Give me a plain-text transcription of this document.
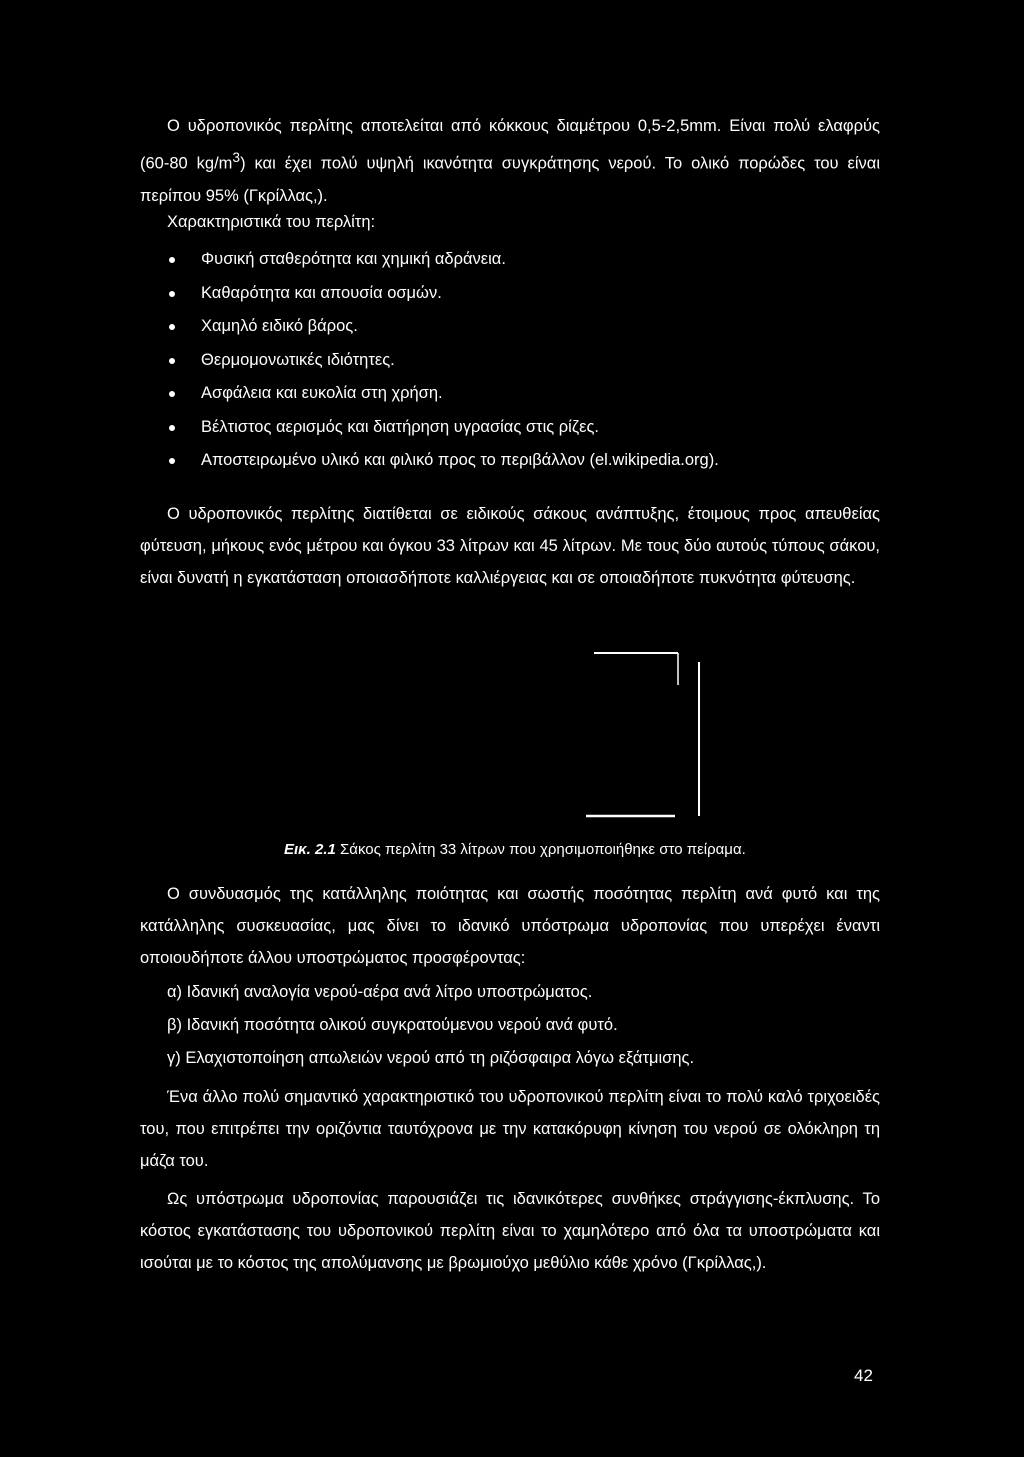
Ο υδροπονικός περλίτης αποτελείται από κόκκους διαμέτρου 0,5-2,5mm. Είναι πολύ ελαφρύς (60-80 $kg/m^3$) και έχει πολύ υψηλή ικανότητα συγκράτησης νερού. Το ολικό πορώδες του είναι περίπου 95% (Γκρίλλας,).

Χαρακτηριστικά του περλίτη:

Φυσική σταθερότητα και χημική αδράνεια.
Καθαρότητα και απουσία οσμών.
Χαμηλό ειδικό βάρος.
Θερμομονωτικές ιδιότητες.
Ασφάλεια και ευκολία στη χρήση.
Βέλτιστος αερισμός και διατήρηση υγρασίας στις ρίζες.
Αποστειρωμένο υλικό και φιλικό προς το περιβάλλον (el.wikipedia.org).

Ο υδροπονικός περλίτης διατίθεται σε ειδικούς σάκους ανάπτυξης, έτοιμους προς απευθείας φύτευση, μήκους ενός μέτρου και όγκου 33 λίτρων και 45 λίτρων. Με τους δύο αυτούς τύπους σάκου, είναι δυνατή η εγκατάσταση οποιασδήποτε καλλιέργειας και σε οποιαδήποτε πυκνότητα φύτευσης.

Εικ. 2.1 Σάκος περλίτη 33 λίτρων που χρησιμοποιήθηκε στο πείραμα.

Ο συνδυασμός της κατάλληλης ποιότητας και σωστής ποσότητας περλίτη ανά φυτό και της κατάλληλης συσκευασίας, μας δίνει το ιδανικό υπόστρωμα υδροπονίας που υπερέχει έναντι οποιουδήποτε άλλου υποστρώματος προσφέροντας:

α) Ιδανική αναλογία νερού-αέρα ανά λίτρο υποστρώματος.
β) Ιδανική ποσότητα ολικού συγκρατούμενου νερού ανά φυτό.
γ) Ελαχιστοποίηση απωλειών νερού από τη ριζόσφαιρα λόγω εξάτμισης.

Ένα άλλο πολύ σημαντικό χαρακτηριστικό του υδροπονικού περλίτη είναι το πολύ καλό τριχοειδές του, που επιτρέπει την οριζόντια ταυτόχρονα με την κατακόρυφη κίνηση του νερού σε ολόκληρη τη μάζα του.

Ως υπόστρωμα υδροπονίας παρουσιάζει τις ιδανικότερες συνθήκες στράγγισης-έκπλυσης. Το κόστος εγκατάστασης του υδροπονικού περλίτη είναι το χαμηλότερο από όλα τα υποστρώματα και ισούται με το κόστος της απολύμανσης με βρωμιούχο μεθύλιο κάθε χρόνο (Γκρίλλας,).

42
